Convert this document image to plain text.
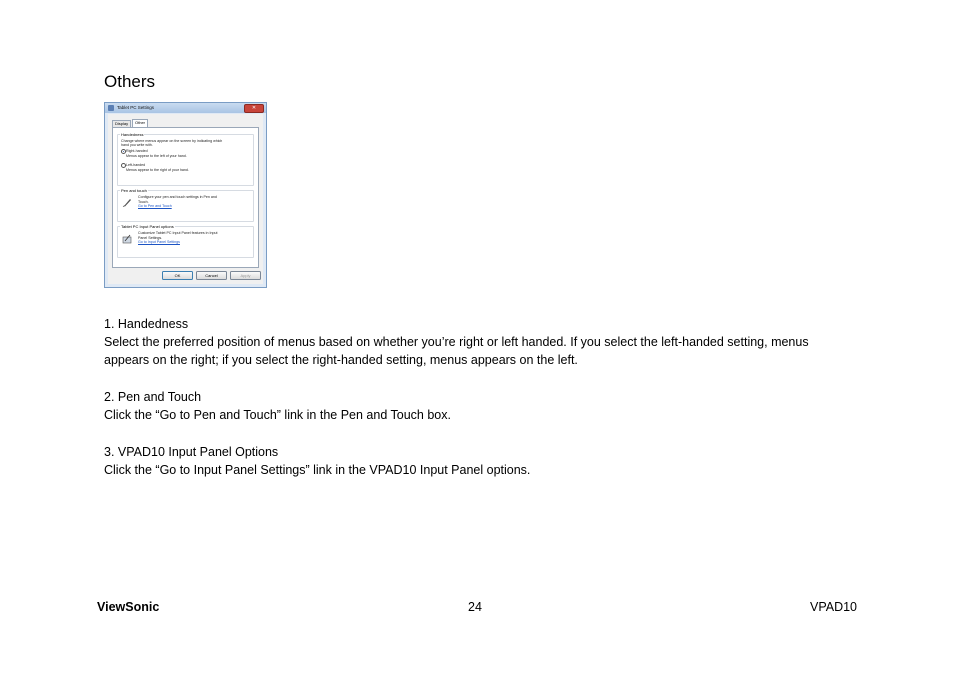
Others
Tablet PC Settings	✕
Display	Other
Handedness
Change where menus appear on the screen by indicating which
hand you write with.
Right-handed
Menus appear to the left of your hand.
Left-handed
Menus appear to the right of your hand.
Pen and touch
Configure your pen and touch settings in Pen and
Touch.
Go to Pen and Touch
Tablet PC Input Panel options
Customize Tablet PC Input Panel features in Input
Panel Settings.
Go to Input Panel Settings
OK	Cancel	Apply
1. Handedness
Select the preferred position of menus based on whether you’re right or left handed. If you select the left-handed setting, menus
appears on the right; if you select the right-handed setting, menus appears on the left.
2. Pen and Touch
Click the “Go to Pen and Touch” link in the Pen and Touch box.
3. VPAD10 Input Panel Options
Click the “Go to Input Panel Settings” link in the VPAD10 Input Panel options.
ViewSonic	24	VPAD10
